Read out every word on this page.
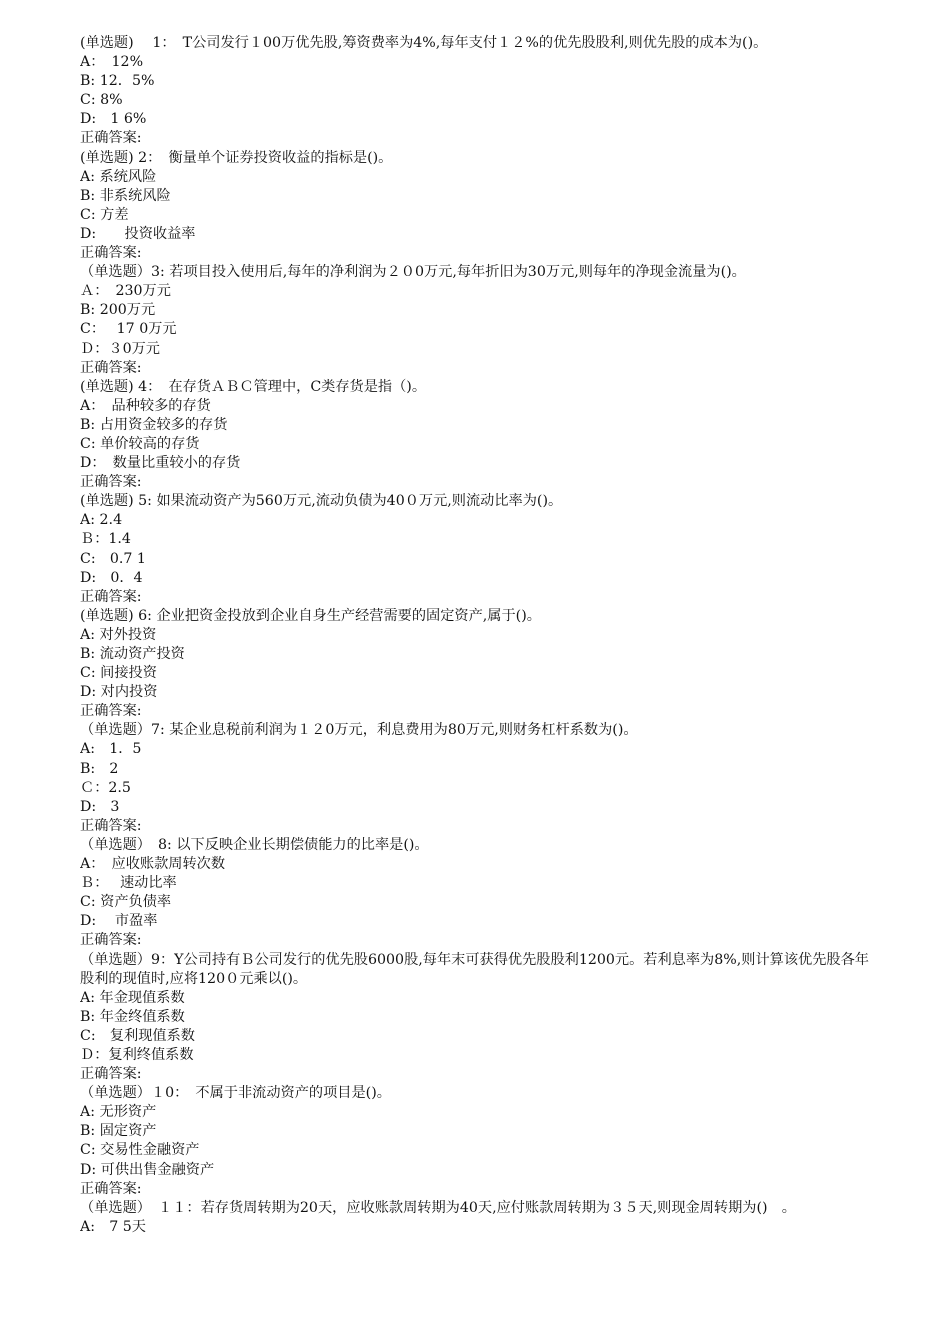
(单选题)　 1：　T公司发行１00万优先股,筹资费率为4%,每年支付１２%的优先股股利,则优先股的成本为()。
A：　12%
B: 12．5%
C: 8%
D:　1 6%
正确答案:
(单选题) 2：　衡量单个证券投资收益的指标是()。
A: 系统风险
B: 非系统风险
C: 方差
D:　　投资收益率
正确答案:
（单选题）3: 若项目投入使用后,每年的净利润为２０0万元,每年折旧为30万元,则每年的净现金流量为()。
Ａ：　230万元
B: 200万元
C：　 17 0万元
Ｄ：３0万元
正确答案:
(单选题) 4：　在存货ＡＢＣ管理中，C类存货是指（)。
A：　品种较多的存货
B: 占用资金较多的存货
C: 单价较高的存货
D：　数量比重较小的存货
正确答案:
(单选题) 5: 如果流动资产为560万元,流动负债为40０万元,则流动比率为()。
A: 2.4
Ｂ：1.4
C:　0.7 1
D:　0．4
正确答案:
(单选题) 6: 企业把资金投放到企业自身生产经营需要的固定资产,属于()。
A: 对外投资
B: 流动资产投资
C: 间接投资
D: 对内投资
正确答案:
（单选题）7: 某企业息税前利润为１２0万元，利息费用为80万元,则财务杠杆系数为()。
A:　1．5
B:　2
Ｃ：2.5
D:　3
正确答案:
（单选题）　8: 以下反映企业长期偿债能力的比率是()。
A：　应收账款周转次数
Ｂ：　 速动比率
C: 资产负债率
D:　 市盈率
正确答案:
（单选题）9：Y公司持有Ｂ公司发行的优先股6000股,每年末可获得优先股股利1200元。若利息率为8%,则计算该优先股各年股利的现值时,应将120０元乘以()。
A: 年金现值系数
B: 年金终值系数
C:　复利现值系数
Ｄ：复利终值系数
正确答案:
（单选题）１0：　不属于非流动资产的项目是()。
A: 无形资产
B: 固定资产
C: 交易性金融资产
D: 可供出售金融资产
正确答案:
（单选题）　１１：若存货周转期为20天，应收账款周转期为40天,应付账款周转期为３５天,则现金周转期为()　。
A:　7 5天
